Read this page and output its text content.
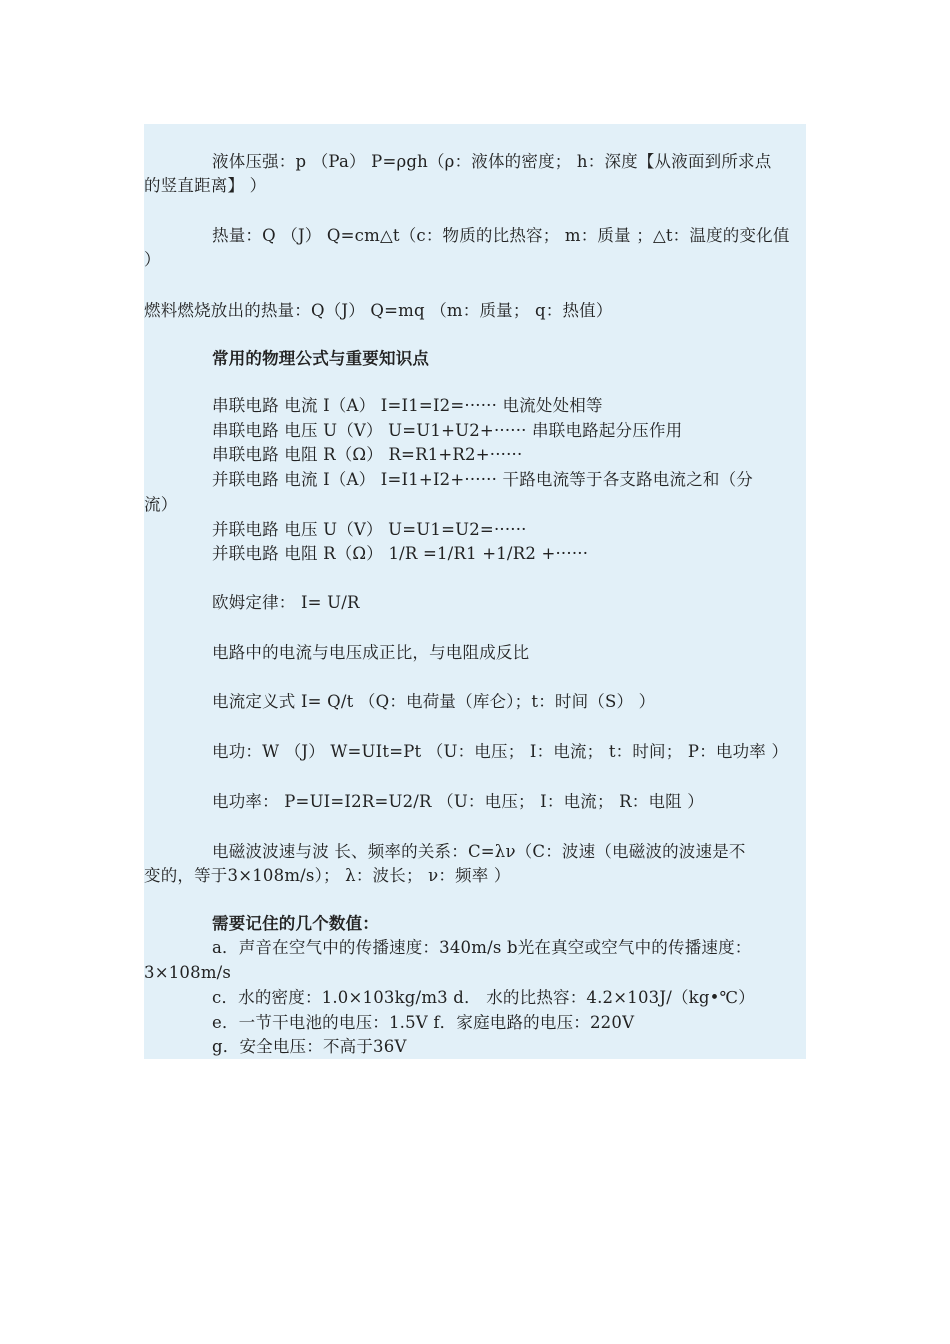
液体压强：p （Pa） P=ρgh（ρ：液体的密度； h：深度【从液面到所求点
的竖直距离】 ）
热量：Q （J） Q=cm△t（c：物质的比热容； m：质量 ；△t：温度的变化值
）
燃料燃烧放出的热量：Q（J） Q=mq （m：质量； q：热值）
常用的物理公式与重要知识点
串联电路 电流 I（A） I=I1=I2=······ 电流处处相等
串联电路 电压 U（V） U=U1+U2+······ 串联电路起分压作用
串联电路 电阻 R（Ω） R=R1+R2+······
并联电路 电流 I（A） I=I1+I2+······ 干路电流等于各支路电流之和（分
流）
并联电路 电压 U（V） U=U1=U2=······
并联电路 电阻 R（Ω） 1/R =1/R1 +1/R2 +······
欧姆定律： I= U/R
电路中的电流与电压成正比，与电阻成反比
电流定义式 I= Q/t （Q：电荷量（库仑）；t：时间（S） ）
电功：W （J） W=UIt=Pt （U：电压； I：电流； t：时间； P：电功率 ）
电功率： P=UI=I2R=U2/R （U：电压； I：电流； R：电阻 ）
电磁波波速与波 长、频率的关系：C=λν（C：波速（电磁波的波速是不
变的，等于3×108m/s）； λ：波长； ν：频率 ）
需要记住的几个数值：
a．声音在空气中的传播速度：340m/s b光在真空或空气中的传播速度：
3×108m/s
c．水的密度：1.0×103kg/m3 d． 水的比热容：4.2×103J/（kg•℃）
e．一节干电池的电压：1.5V f．家庭电路的电压：220V
g．安全电压：不高于36V
